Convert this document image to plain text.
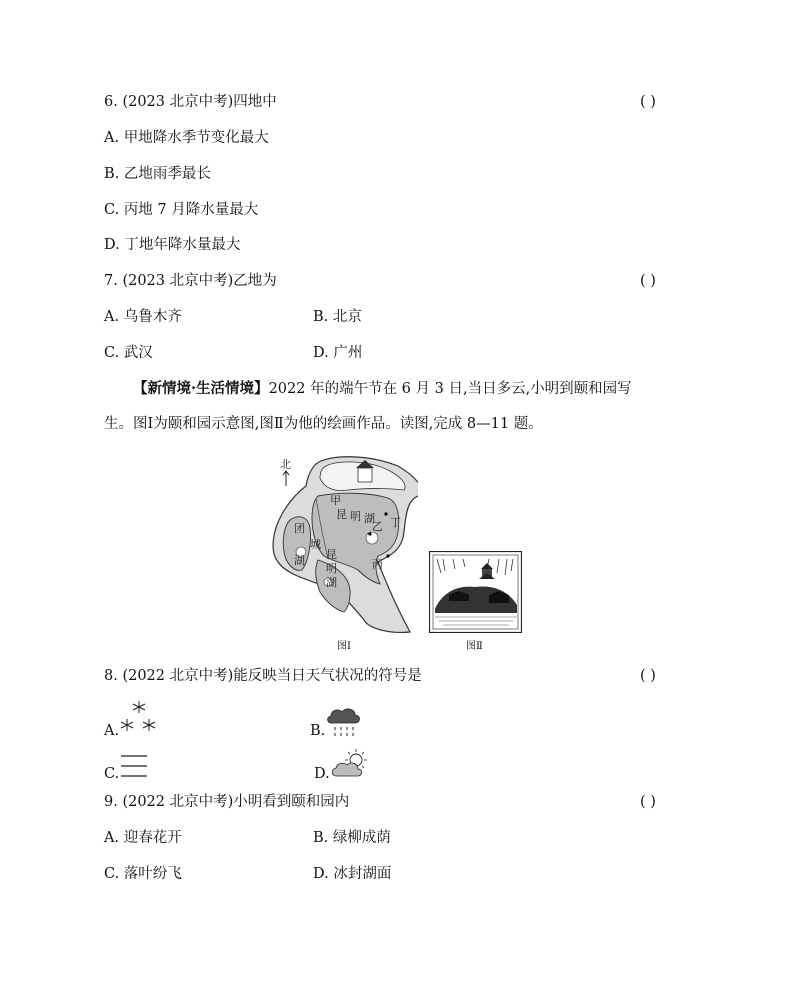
6. (2023 北京中考)四地中	( )
A. 甲地降水季节变化最大
B. 乙地雨季最长
C. 丙地 7 月降水量最大
D. 丁地年降水量最大
7. (2023 北京中考)乙地为	( )
A. 乌鲁木齐	B. 北京
C. 武汉	D. 广州
【新情境·生活情境】2022 年的端午节在 6 月 3 日,当日多云,小明到颐和园写
生。图Ⅰ为颐和园示意图,图Ⅱ为他的绘画作品。读图,完成 8—11 题。
北
甲
昆 明 湖
乙 丁
丙
团
城
湖 昆
明
湖
图Ⅰ	图Ⅱ
8. (2022 北京中考)能反映当日天气状况的符号是	( )
A.	B.
C.	D.
9. (2022 北京中考)小明看到颐和园内	( )
A. 迎春花开	B. 绿柳成荫
C. 落叶纷飞	D. 冰封湖面
